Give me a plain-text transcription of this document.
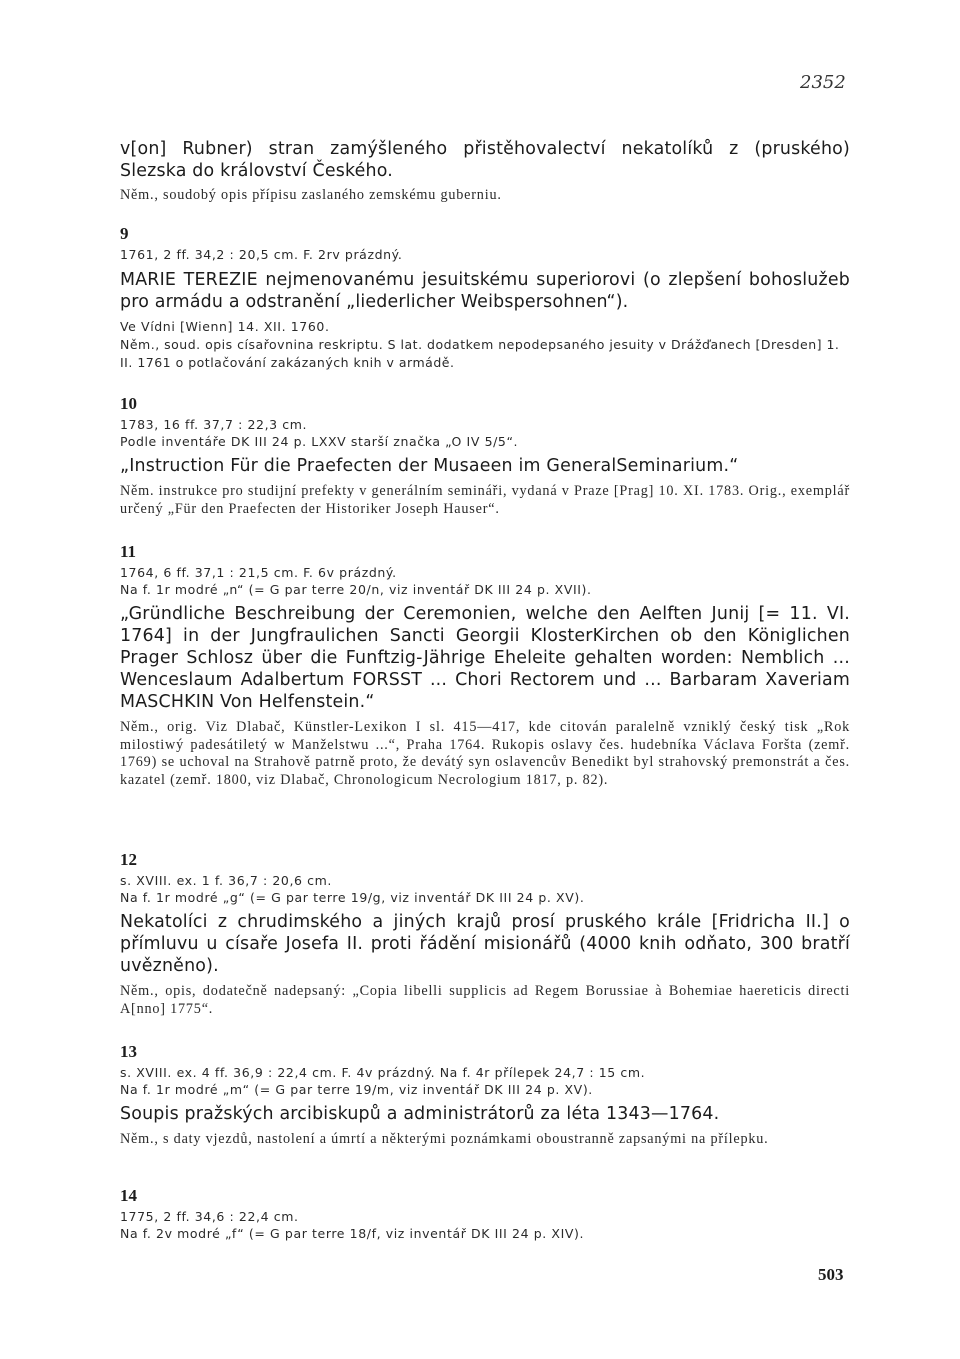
2352

v[on] Rubner) stran zamýšleného přistěhovalectví nekatolíků z (pruského) Slezska do království Českého.

Něm., soudobý opis přípisu zaslaného zemskému guberniu.

9

1761, 2 ff. 34,2 : 20,5 cm. F. 2rv prázdný.

MARIE TEREZIE nejmenovanému jesuitskému superiorovi (o zlepšení bohoslužeb pro armádu a odstranění „liederlicher Weibspersohnen“).

Ve Vídni [Wienn] 14. XII. 1760.

Něm., soud. opis císařovnina reskriptu. S lat. dodatkem nepodepsaného jesuity v Drážďanech [Dresden] 1. II. 1761 o potlačování zakázaných knih v armádě.

10

1783, 16 ff. 37,7 : 22,3 cm.

Podle inventáře DK III 24 p. LXXV starší značka „O IV 5/5“.

„Instruction Für die Praefecten der Musaeen im GeneralSeminarium.“

Něm. instrukce pro studijní prefekty v generálním semináři, vydaná v Praze [Prag] 10. XI. 1783. Orig., exemplář určený „Für den Praefecten der Historiker Joseph Hauser“.

11

1764, 6 ff. 37,1 : 21,5 cm. F. 6v prázdný.

Na f. 1r modré „n“ (= G par terre 20/n, viz inventář DK III 24 p. XVII).

„Gründliche Beschreibung der Ceremonien, welche den Aelften Junij [= 11. VI. 1764] in der Jungfraulichen Sancti Georgii KlosterKirchen ob den Königlichen Prager Schlosz über die Funftzig-Jährige Eheleite gehalten worden: Nemblich ... Wenceslaum Adalbertum FORSST ... Chori Rectorem und ... Barbaram Xaveriam MASCHKIN Von Helfenstein.“

Něm., orig. Viz Dlabač, Künstler-Lexikon I sl. 415—417, kde citován paralelně vzniklý český tisk „Rok milostiwý padesátiletý w Manželstwu ...“, Praha 1764. Rukopis oslavy čes. hudebníka Václava Foršta (zemř. 1769) se uchoval na Strahově patrně proto, že devátý syn oslavencův Benedikt byl strahovský premonstrát a čes. kazatel (zemř. 1800, viz Dlabač, Chronologicum Necrologium 1817, p. 82).

12

s. XVIII. ex. 1 f. 36,7 : 20,6 cm.

Na f. 1r modré „g“ (= G par terre 19/g, viz inventář DK III 24 p. XV).

Nekatolíci z chrudimského a jiných krajů prosí pruského krále [Fridricha II.] o přímluvu u císaře Josefa II. proti řádění misionářů (4000 knih odňato, 300 bratří uvězněno).

Něm., opis, dodatečně nadepsaný: „Copia libelli supplicis ad Regem Borussiae à Bohemiae haereticis directi A[nno] 1775“.

13

s. XVIII. ex. 4 ff. 36,9 : 22,4 cm. F. 4v prázdný. Na f. 4r přílepek 24,7 : 15 cm.

Na f. 1r modré „m“ (= G par terre 19/m, viz inventář DK III 24 p. XV).

Soupis pražských arcibiskupů a administrátorů za léta 1343—1764.

Něm., s daty vjezdů, nastolení a úmrtí a některými poznámkami oboustranně zapsanými na přílepku.

14

1775, 2 ff. 34,6 : 22,4 cm.

Na f. 2v modré „f“ (= G par terre 18/f, viz inventář DK III 24 p. XIV).

503
